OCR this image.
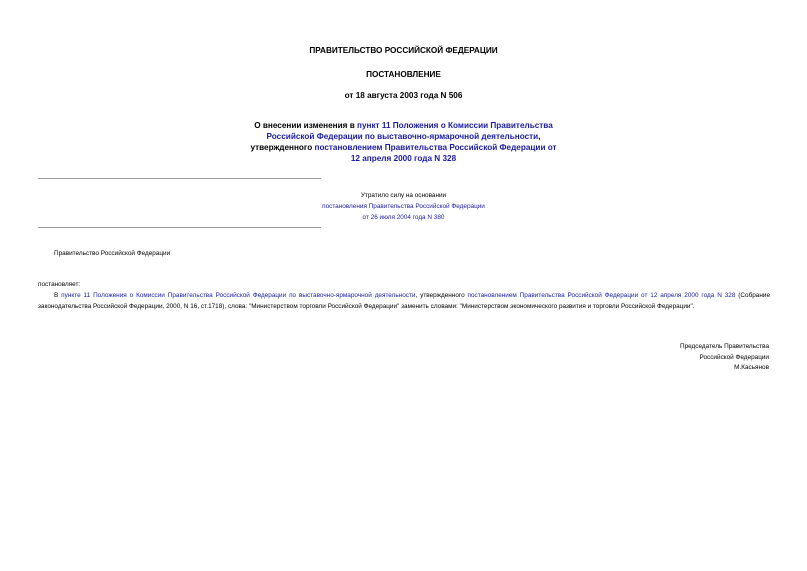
ПРАВИТЕЛЬСТВО РОССИЙСКОЙ ФЕДЕРАЦИИ
ПОСТАНОВЛЕНИЕ
от 18 августа 2003 года N 506
О внесении изменения в пункт 11 Положения о Комиссии Правительства
Российской Федерации по выставочно-ярмарочной деятельности,
утвержденного постановлением Правительства Российской Федерации от
12 апреля 2000 года N 328
Утратило силу на основании
постановления Правительства Российской Федерации
от 26 июля 2004 года N 380
Правительство Российской Федерации
постановляет:
В пункте 11 Положения о Комиссии Правительства Российской Федерации по выставочно-ярмарочной деятельности, утвержденного постановлением Правительства Российской Федерации от 12 апреля 2000 года N 328 (Собрание законодательства Российской Федерации, 2000, N 16, ст.1718), слова: "Министерством торговли Российской Федерации" заменить словами: "Министерством экономического развития и торговли Российской Федерации".
Председатель Правительства
Российской Федерации
М.Касьянов
